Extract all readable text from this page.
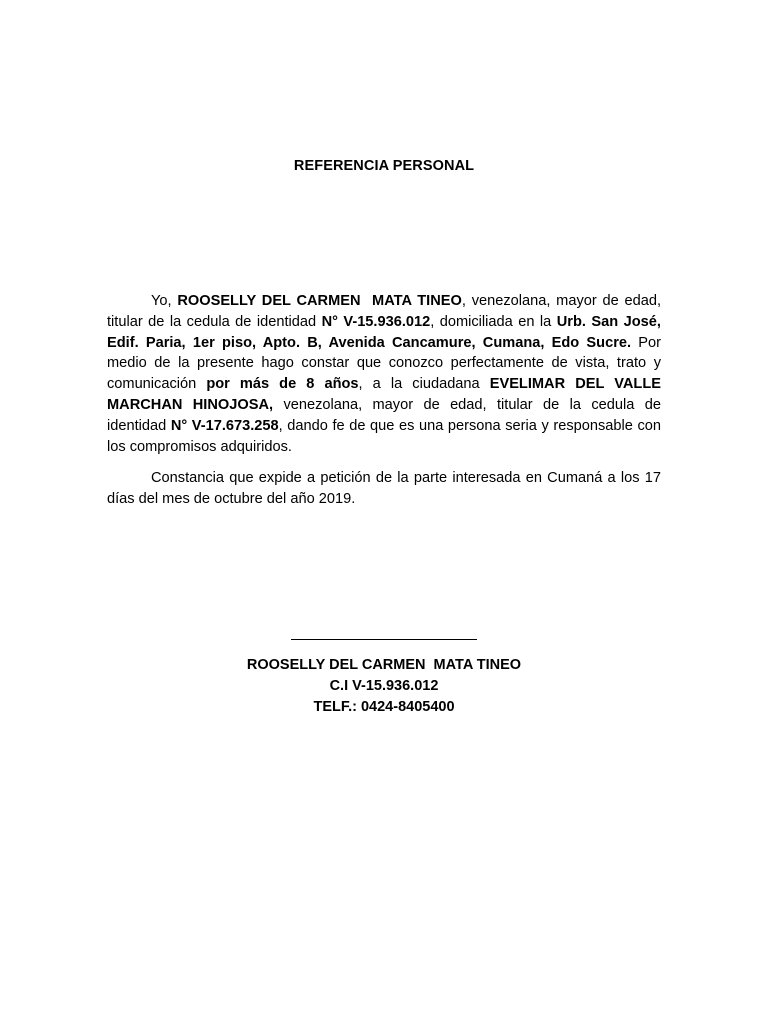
REFERENCIA PERSONAL
Yo, ROOSELLY DEL CARMEN  MATA TINEO, venezolana, mayor de edad, titular de la cedula de identidad N° V-15.936.012, domiciliada en la Urb. San José, Edif. Paria, 1er piso, Apto. B, Avenida Cancamure, Cumana, Edo Sucre. Por medio de la presente hago constar que conozco perfectamente de vista, trato y comunicación por más de 8 años, a la ciudadana EVELIMAR DEL VALLE MARCHAN HINOJOSA, venezolana, mayor de edad, titular de la cedula de identidad N° V-17.673.258, dando fe de que es una persona seria y responsable con los compromisos adquiridos.
Constancia que expide a petición de la parte interesada en Cumaná a los 17 días del mes de octubre del año 2019.
ROOSELLY DEL CARMEN  MATA TINEO
C.I V-15.936.012
TELF.: 0424-8405400
